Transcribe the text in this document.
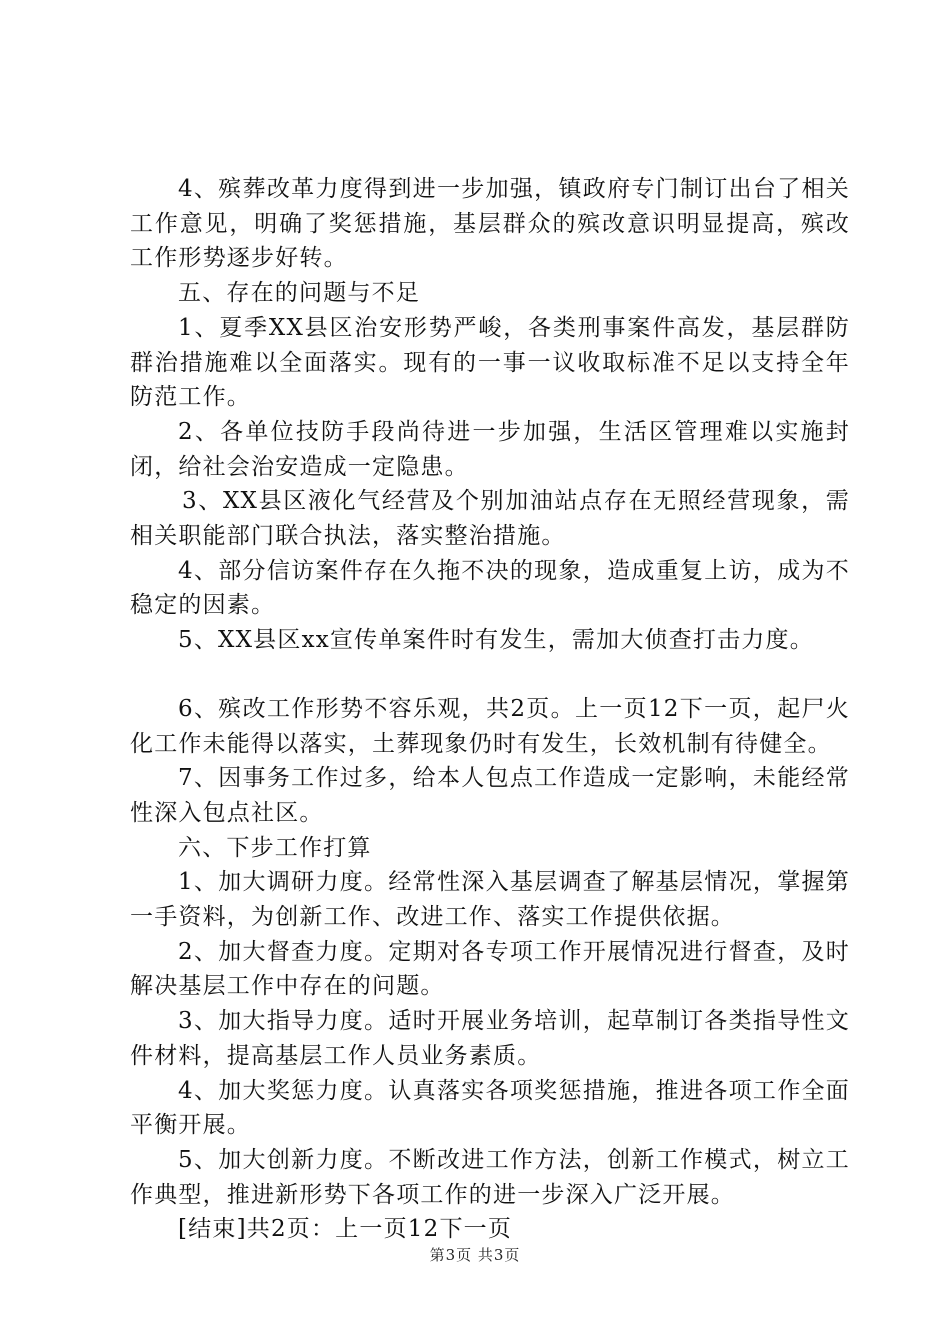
4、殡葬改革力度得到进一步加强，镇政府专门制订出台了相关工作意见，明确了奖惩措施，基层群众的殡改意识明显提高，殡改工作形势逐步好转。

五、存在的问题与不足

1、夏季XX县区治安形势严峻，各类刑事案件高发，基层群防群治措施难以全面落实。现有的一事一议收取标准不足以支持全年防范工作。

2、各单位技防手段尚待进一步加强，生活区管理难以实施封闭，给社会治安造成一定隐患。

3、XX县区液化气经营及个别加油站点存在无照经营现象，需相关职能部门联合执法，落实整治措施。

4、部分信访案件存在久拖不决的现象，造成重复上访，成为不稳定的因素。

5、XX县区xx宣传单案件时有发生，需加大侦查打击力度。

6、殡改工作形势不容乐观，共2页。上一页12下一页，起尸火化工作未能得以落实，土葬现象仍时有发生，长效机制有待健全。

7、因事务工作过多，给本人包点工作造成一定影响，未能经常性深入包点社区。

六、下步工作打算

1、加大调研力度。经常性深入基层调查了解基层情况，掌握第一手资料，为创新工作、改进工作、落实工作提供依据。

2、加大督查力度。定期对各专项工作开展情况进行督查，及时解决基层工作中存在的问题。

3、加大指导力度。适时开展业务培训，起草制订各类指导性文件材料，提高基层工作人员业务素质。

4、加大奖惩力度。认真落实各项奖惩措施，推进各项工作全面平衡开展。

5、加大创新力度。不断改进工作方法，创新工作模式，树立工作典型，推进新形势下各项工作的进一步深入广泛开展。

[结束]共2页：上一页12下一页

第3页 共3页
